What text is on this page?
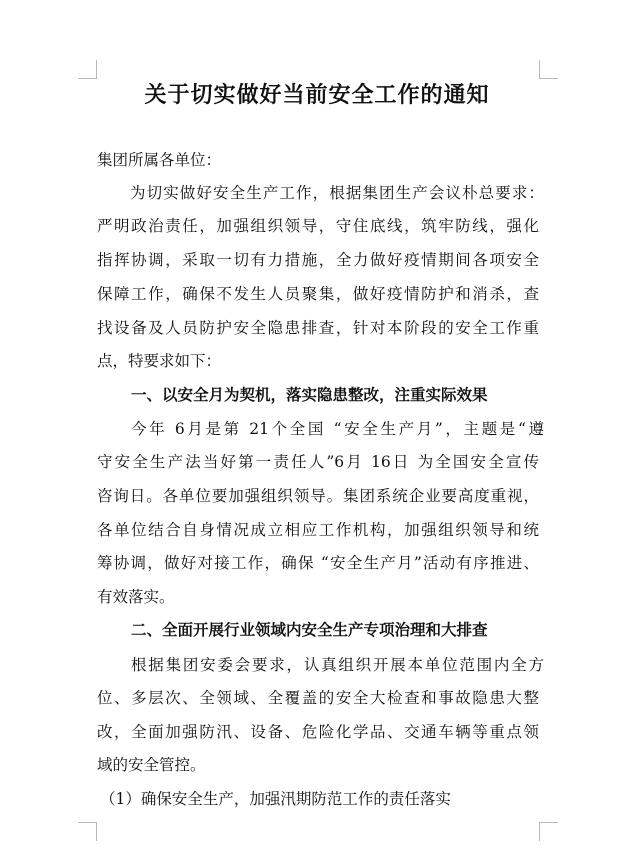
关于切实做好当前安全工作的通知
集团所属各单位：
为切实做好安全生产工作，根据集团生产会议朴总要求：
严明政治责任，加强组织领导，守住底线，筑牢防线，强化
指挥协调，采取一切有力措施，全力做好疫情期间各项安全
保障工作，确保不发生人员聚集，做好疫情防护和消杀，查
找设备及人员防护安全隐患排查，针对本阶段的安全工作重
点，特要求如下：
一、以安全月为契机，落实隐患整改，注重实际效果
今年 6月是第 21个全国 “安全生产月”，主题是“遵
守安全生产法当好第一责任人”6月 16日 为全国安全宣传
咨询日。各单位要加强组织领导。集团系统企业要高度重视，
各单位结合自身情况成立相应工作机构，加强组织领导和统
筹协调，做好对接工作，确保 “安全生产月”活动有序推进、
有效落实。
二、全面开展行业领域内安全生产专项治理和大排查
根据集团安委会要求，认真组织开展本单位范围内全方
位、多层次、全领域、全覆盖的安全大检查和事故隐患大整
改，全面加强防汛、设备、危险化学品、交通车辆等重点领
域的安全管控。
（1）确保安全生产，加强汛期防范工作的责任落实
